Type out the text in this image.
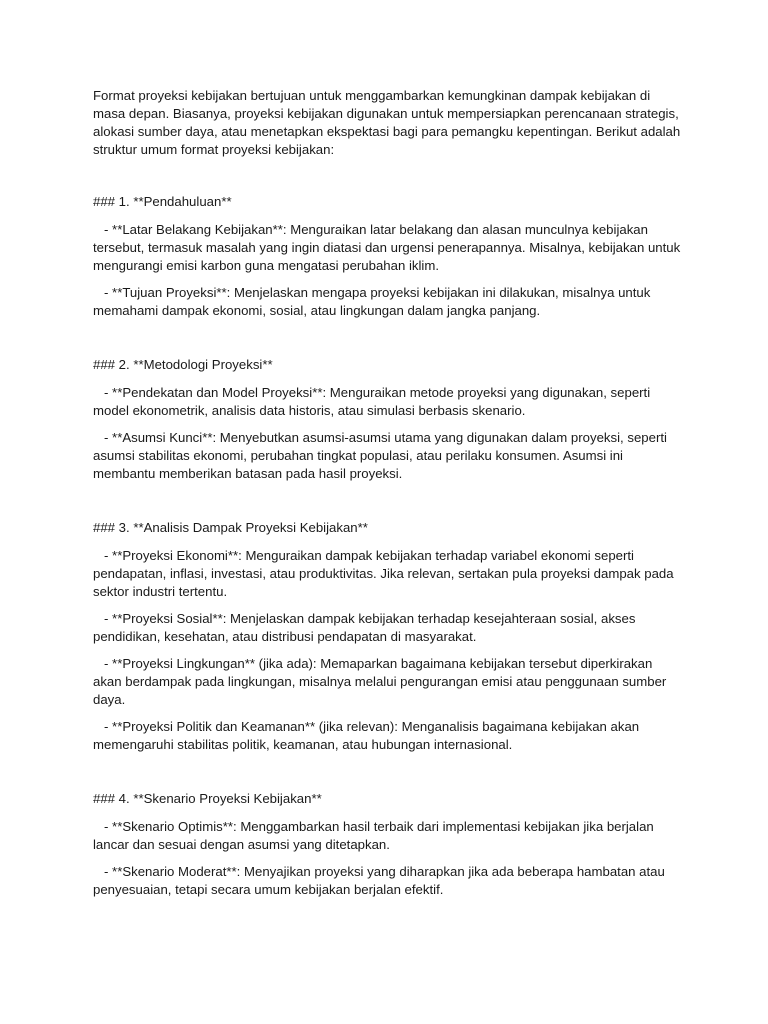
Format proyeksi kebijakan bertujuan untuk menggambarkan kemungkinan dampak kebijakan di masa depan. Biasanya, proyeksi kebijakan digunakan untuk mempersiapkan perencanaan strategis, alokasi sumber daya, atau menetapkan ekspektasi bagi para pemangku kepentingan. Berikut adalah struktur umum format proyeksi kebijakan:

### 1. **Pendahuluan**

- **Latar Belakang Kebijakan**: Menguraikan latar belakang dan alasan munculnya kebijakan tersebut, termasuk masalah yang ingin diatasi dan urgensi penerapannya. Misalnya, kebijakan untuk mengurangi emisi karbon guna mengatasi perubahan iklim.

- **Tujuan Proyeksi**: Menjelaskan mengapa proyeksi kebijakan ini dilakukan, misalnya untuk memahami dampak ekonomi, sosial, atau lingkungan dalam jangka panjang.

### 2. **Metodologi Proyeksi**

- **Pendekatan dan Model Proyeksi**: Menguraikan metode proyeksi yang digunakan, seperti model ekonometrik, analisis data historis, atau simulasi berbasis skenario.

- **Asumsi Kunci**: Menyebutkan asumsi-asumsi utama yang digunakan dalam proyeksi, seperti asumsi stabilitas ekonomi, perubahan tingkat populasi, atau perilaku konsumen. Asumsi ini membantu memberikan batasan pada hasil proyeksi.

### 3. **Analisis Dampak Proyeksi Kebijakan**

- **Proyeksi Ekonomi**: Menguraikan dampak kebijakan terhadap variabel ekonomi seperti pendapatan, inflasi, investasi, atau produktivitas. Jika relevan, sertakan pula proyeksi dampak pada sektor industri tertentu.

- **Proyeksi Sosial**: Menjelaskan dampak kebijakan terhadap kesejahteraan sosial, akses pendidikan, kesehatan, atau distribusi pendapatan di masyarakat.

- **Proyeksi Lingkungan** (jika ada): Memaparkan bagaimana kebijakan tersebut diperkirakan akan berdampak pada lingkungan, misalnya melalui pengurangan emisi atau penggunaan sumber daya.

- **Proyeksi Politik dan Keamanan** (jika relevan): Menganalisis bagaimana kebijakan akan memengaruhi stabilitas politik, keamanan, atau hubungan internasional.

### 4. **Skenario Proyeksi Kebijakan**

- **Skenario Optimis**: Menggambarkan hasil terbaik dari implementasi kebijakan jika berjalan lancar dan sesuai dengan asumsi yang ditetapkan.

- **Skenario Moderat**: Menyajikan proyeksi yang diharapkan jika ada beberapa hambatan atau penyesuaian, tetapi secara umum kebijakan berjalan efektif.
